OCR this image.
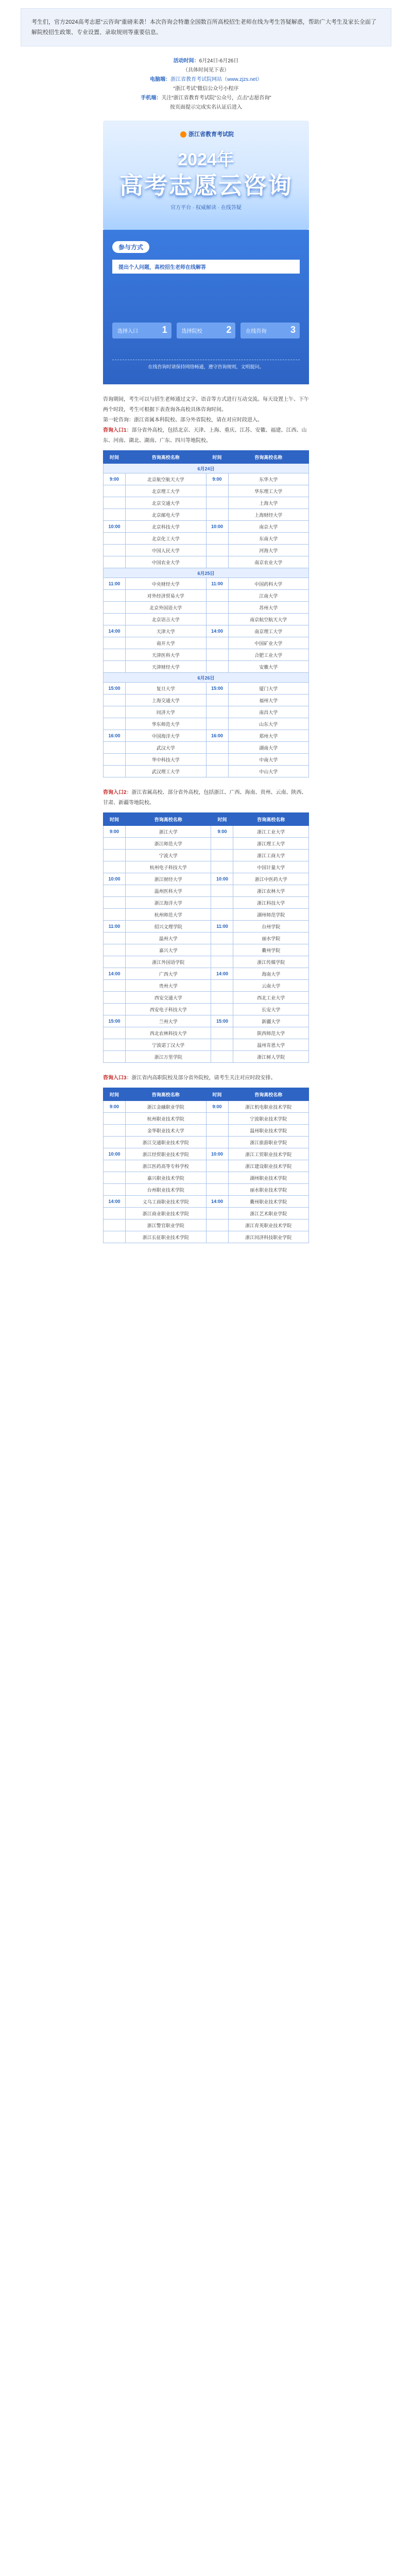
考生们，官方2024高考志愿“云咨询”重磅来袭！本次咨询会特邀全国数百所高校招生老师在线为考生答疑解惑，帮助广大考生及家长全面了解院校招生政策、专业设置、录取规则等重要信息。
活动时间：6月24日-6月26日
（具体时间见下表）
电脑端：浙江省教育考试院网站（www.zjzs.net）
“浙江考试”微信公众号小程序
手机端：关注“浙江省教育考试院”公众号，点击“志愿咨询”
按页面提示完成实名认证后进入
浙江省教育考试院
2024年
高考志愿云咨询
官方平台 · 权威解读 · 在线答疑
参与方式
提出个人问题，高校招生老师在线解答
选择入口	1	选择院校	2	在线咨询	3
在线咨询时请保持网络畅通，遵守咨询规则，文明提问。
咨询期间，考生可以与招生老师通过文字、语音等方式进行互动交流。每天设置上午、下午两个时段，考生可根据下表查询各高校具体咨询时间。
第一轮咨询：浙江省属本科院校、部分外省院校，请在对应时段进入。
咨询入口1：部分省外高校，包括北京、天津、上海、重庆、江苏、安徽、福建、江西、山东、河南、湖北、湖南、广东、四川等地院校。
时间	咨询高校名称	时间	咨询高校名称
6月24日			
9:00	北京航空航天大学	9:00	东华大学
	北京理工大学		华东理工大学
	北京交通大学		上海大学
	北京邮电大学		上海财经大学
10:00	北京科技大学	10:00	南京大学
	北京化工大学		东南大学
	中国人民大学		河海大学
	中国农业大学		南京农业大学
6月25日			
11:00	中央财经大学	11:00	中国药科大学
	对外经济贸易大学		江南大学
	北京外国语大学		苏州大学
	北京语言大学		南京航空航天大学
14:00	天津大学	14:00	南京理工大学
	南开大学		中国矿业大学
	天津医科大学		合肥工业大学
	天津财经大学		安徽大学
6月26日			
15:00	复旦大学	15:00	厦门大学
	上海交通大学		福州大学
	同济大学		南昌大学
	华东师范大学		山东大学
16:00	中国海洋大学	16:00	郑州大学
	武汉大学		湖南大学
	华中科技大学		中南大学
	武汉理工大学		中山大学
咨询入口2：浙江省属高校、部分省外高校，包括浙江、广西、海南、贵州、云南、陕西、甘肃、新疆等地院校。
时间	咨询高校名称	时间	咨询高校名称
9:00	浙江大学	9:00	浙江工业大学
	浙江师范大学		浙江理工大学
	宁波大学		浙江工商大学
	杭州电子科技大学		中国计量大学
10:00	浙江财经大学	10:00	浙江中医药大学
	温州医科大学		浙江农林大学
	浙江海洋大学		浙江科技大学
	杭州师范大学		湖州师范学院
11:00	绍兴文理学院	11:00	台州学院
	温州大学		丽水学院
	嘉兴大学		衢州学院
	浙江外国语学院		浙江传媒学院
14:00	广西大学	14:00	海南大学
	贵州大学		云南大学
	西安交通大学		西北工业大学
	西安电子科技大学		长安大学
15:00	兰州大学	15:00	新疆大学
	西北农林科技大学		陕西师范大学
	宁波诺丁汉大学		温州肯恩大学
	浙江万里学院		浙江树人学院
咨询入口3：浙江省内高职院校及部分省外院校，请考生关注对应时段安排。
时间	咨询高校名称	时间	咨询高校名称
9:00	浙江金融职业学院	9:00	浙江机电职业技术学院
	杭州职业技术学院		宁波职业技术学院
	金华职业技术大学		温州职业技术学院
	浙江交通职业技术学院		浙江旅游职业学院
10:00	浙江经贸职业技术学院	10:00	浙江工贸职业技术学院
	浙江医药高等专科学校		浙江建设职业技术学院
	嘉兴职业技术学院		湖州职业技术学院
	台州职业技术学院		丽水职业技术学院
14:00	义乌工商职业技术学院	14:00	衢州职业技术学院
	浙江商业职业技术学院		浙江艺术职业学院
	浙江警官职业学院		浙江育英职业技术学院
	浙江长征职业技术学院		浙江同济科技职业学院
